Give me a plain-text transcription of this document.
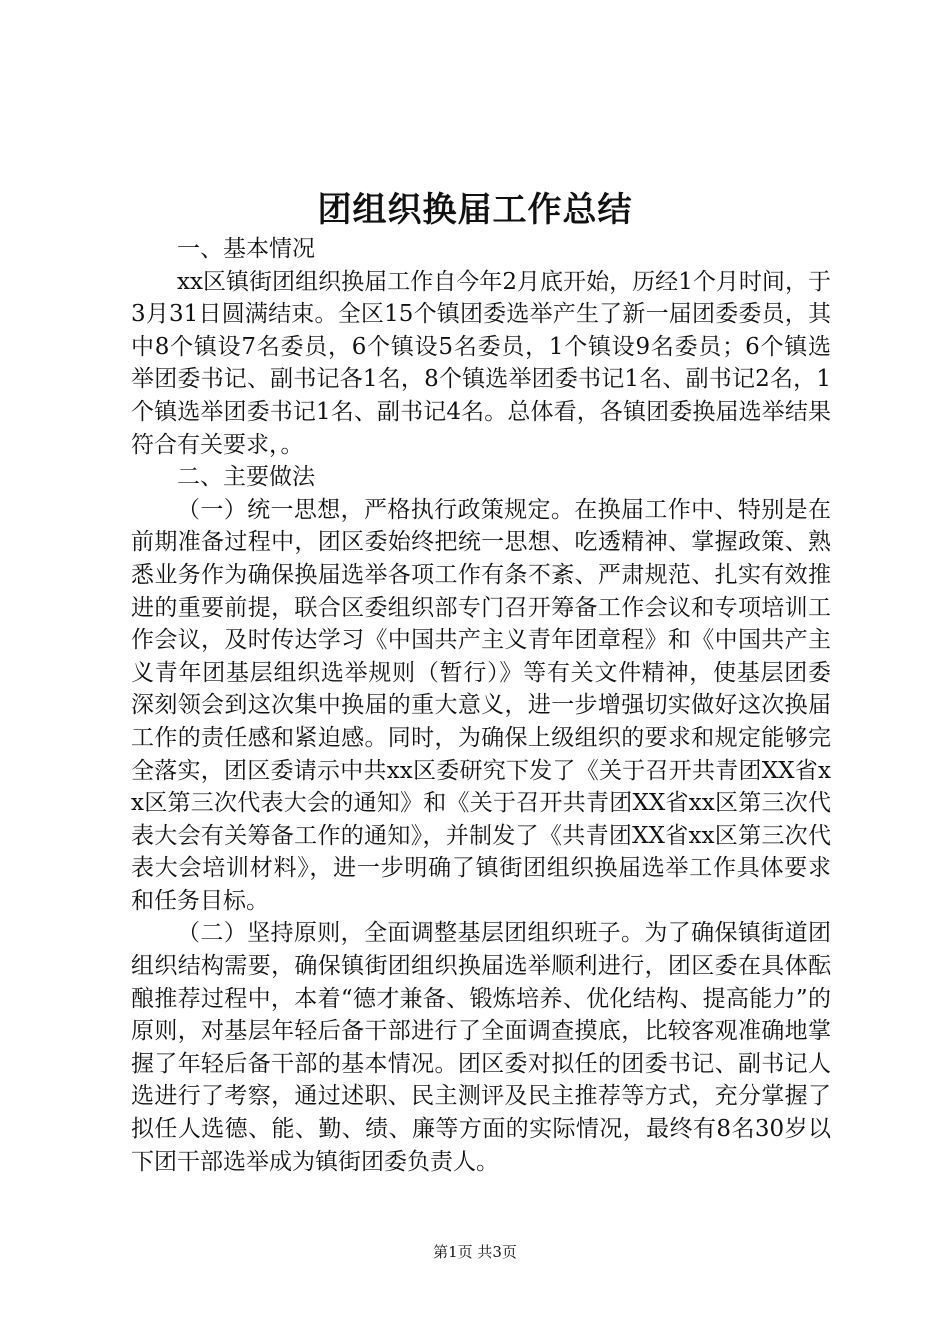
团组织换届工作总结

一、基本情况

xx区镇街团组织换届工作自今年2月底开始，历经1个月时间，于3月31日圆满结束。全区15个镇团委选举产生了新一届团委委员，其中8个镇设7名委员，6个镇设5名委员，1个镇设9名委员；6个镇选举团委书记、副书记各1名，8个镇选举团委书记1名、副书记2名，1个镇选举团委书记1名、副书记4名。总体看，各镇团委换届选举结果符合有关要求，。

二、主要做法

（一）统一思想，严格执行政策规定。在换届工作中、特别是在前期准备过程中，团区委始终把统一思想、吃透精神、掌握政策、熟悉业务作为确保换届选举各项工作有条不紊、严肃规范、扎实有效推进的重要前提，联合区委组织部专门召开筹备工作会议和专项培训工作会议，及时传达学习《中国共产主义青年团章程》和《中国共产主义青年团基层组织选举规则（暂行）》等有关文件精神，使基层团委深刻领会到这次集中换届的重大意义，进一步增强切实做好这次换届工作的责任感和紧迫感。同时，为确保上级组织的要求和规定能够完全落实，团区委请示中共xx区委研究下发了《关于召开共青团XX省xx区第三次代表大会的通知》和《关于召开共青团XX省xx区第三次代表大会有关筹备工作的通知》，并制发了《共青团XX省xx区第三次代表大会培训材料》，进一步明确了镇街团组织换届选举工作具体要求和任务目标。

（二）坚持原则，全面调整基层团组织班子。为了确保镇街道团组织结构需要，确保镇街团组织换届选举顺利进行，团区委在具体酝酿推荐过程中，本着“德才兼备、锻炼培养、优化结构、提高能力”的原则，对基层年轻后备干部进行了全面调查摸底，比较客观准确地掌握了年轻后备干部的基本情况。团区委对拟任的团委书记、副书记人选进行了考察，通过述职、民主测评及民主推荐等方式，充分掌握了拟任人选德、能、勤、绩、廉等方面的实际情况，最终有8名30岁以下团干部选举成为镇街团委负责人。

第1页 共3页
